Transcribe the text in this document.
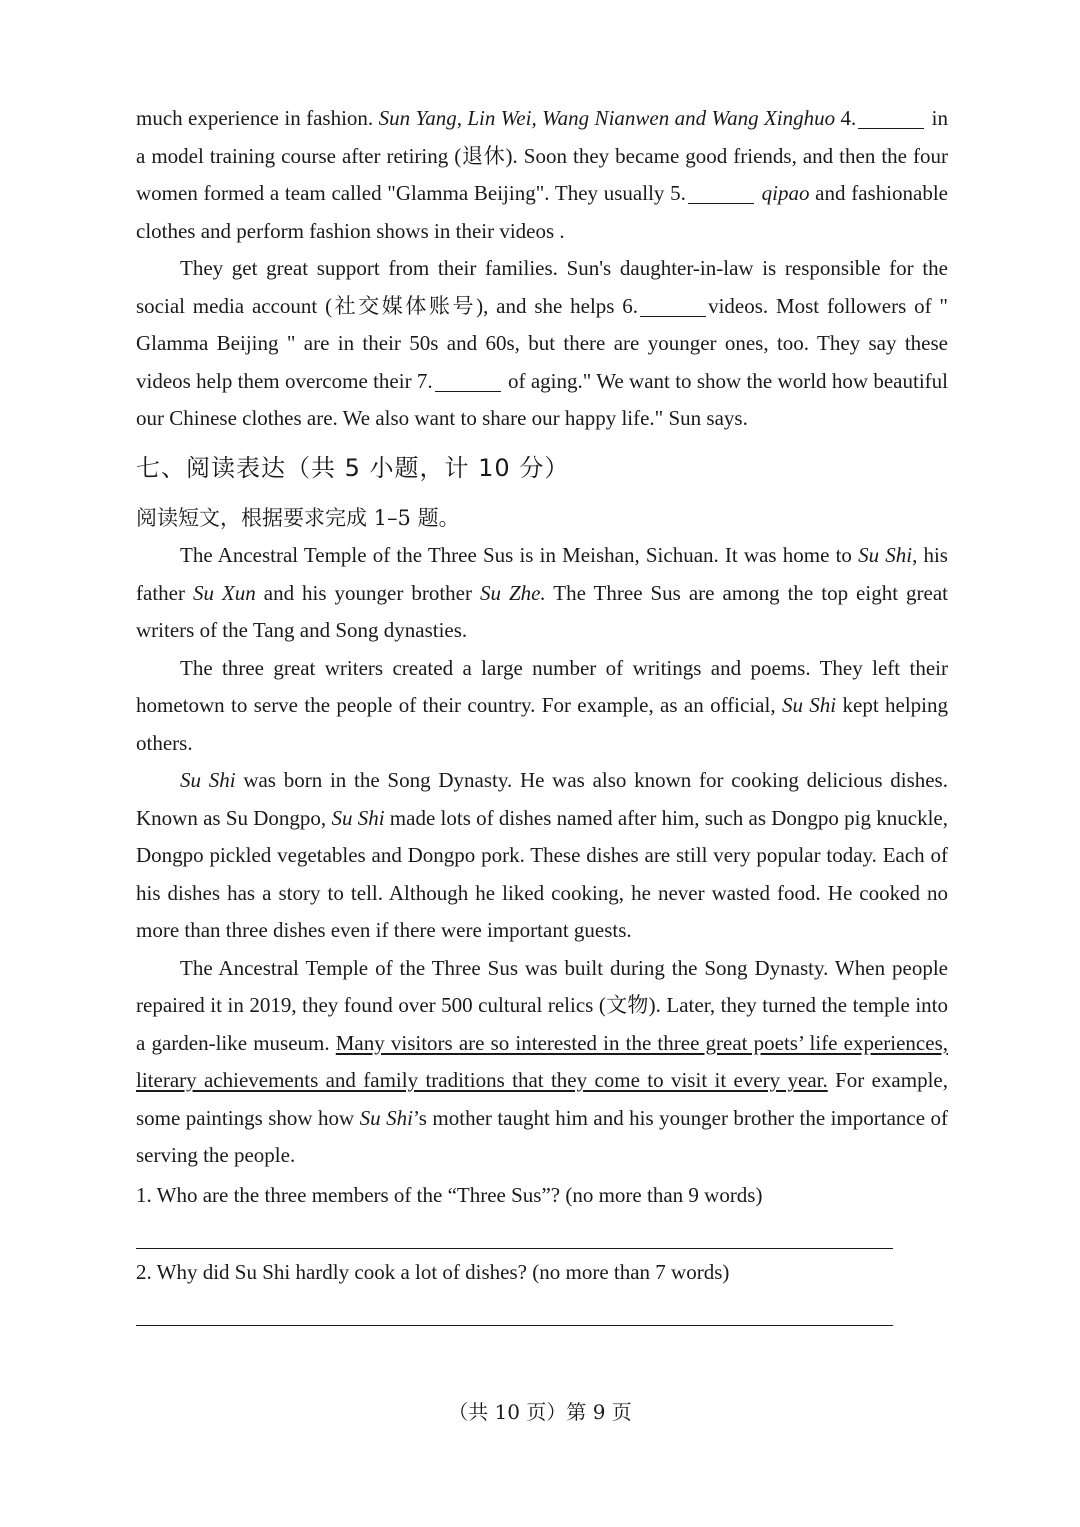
much experience in fashion. Sun Yang, Lin Wei, Wang Nianwen and Wang Xinghuo 4.	in a model training course after retiring (退休). Soon they became good friends, and then the four women formed a team called "Glamma Beijing". They usually 5.	qipao and fashionable clothes and perform fashion shows in their videos .

They get great support from their families. Sun's daughter-in-law is responsible for the social media account (社交媒体账号), and she helps 6.	videos. Most followers of " Glamma Beijing " are in their 50s and 60s, but there are younger ones, too. They say these videos help them overcome their 7.	of aging." We want to show the world how beautiful our Chinese clothes are. We also want to share our happy life." Sun says.

七、阅读表达（共 5 小题，计 10 分）
阅读短文，根据要求完成 1–5 题。

The Ancestral Temple of the Three Sus is in Meishan, Sichuan. It was home to Su Shi, his father Su Xun and his younger brother Su Zhe. The Three Sus are among the top eight great writers of the Tang and Song dynasties.

The three great writers created a large number of writings and poems. They left their hometown to serve the people of their country. For example, as an official, Su Shi kept helping others.

Su Shi was born in the Song Dynasty. He was also known for cooking delicious dishes. Known as Su Dongpo, Su Shi made lots of dishes named after him, such as Dongpo pig knuckle, Dongpo pickled vegetables and Dongpo pork. These dishes are still very popular today. Each of his dishes has a story to tell. Although he liked cooking, he never wasted food. He cooked no more than three dishes even if there were important guests.

The Ancestral Temple of the Three Sus was built during the Song Dynasty. When people repaired it in 2019, they found over 500 cultural relics (文物). Later, they turned the temple into a garden-like museum. Many visitors are so interested in the three great poets’ life experiences, literary achievements and family traditions that they come to visit it every year. For example, some paintings show how Su Shi’s mother taught him and his younger brother the importance of serving the people.

1. Who are the three members of the “Three Sus”? (no more than 9 words)
2. Why did Su Shi hardly cook a lot of dishes? (no more than 7 words)
（共 10 页）第 9 页
